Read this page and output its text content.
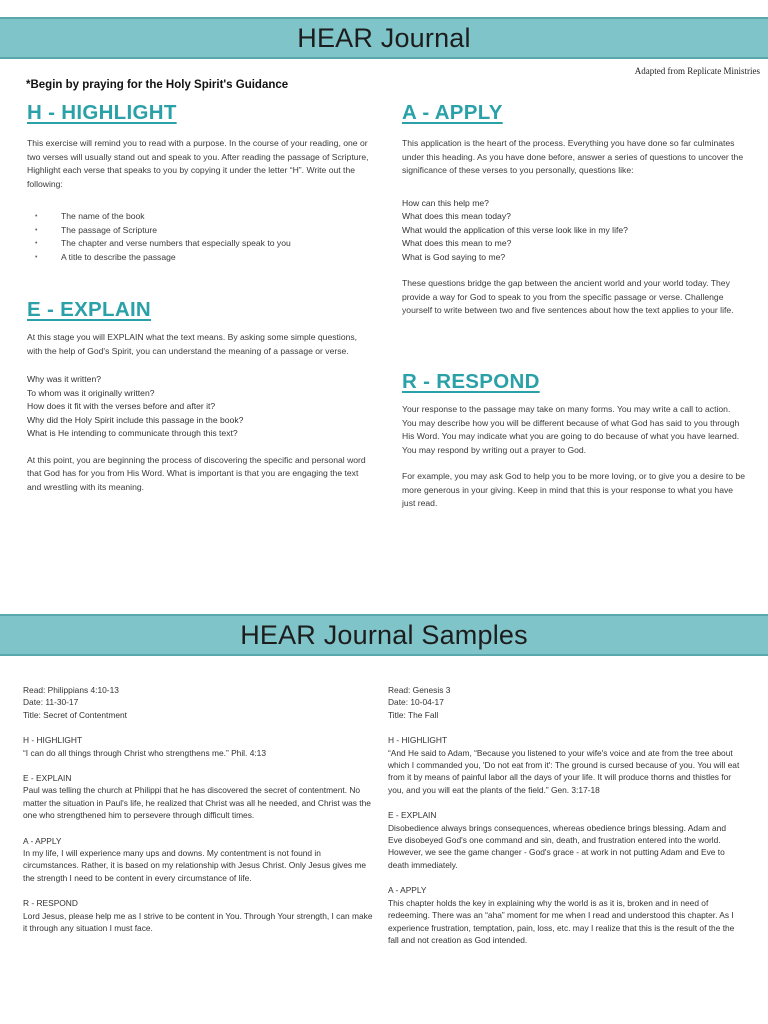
HEAR Journal
Adapted from Replicate Ministries
*Begin by praying for the Holy Spirit's Guidance
H - HIGHLIGHT

This exercise will remind you to read with a purpose. In the course of your reading, one or two verses will usually stand out and speak to you. After reading the passage of Scripture, Highlight each verse that speaks to you by copying it under the letter “H”. Write out the following:

• The name of the book
• The passage of Scripture
• The chapter and verse numbers that especially speak to you
• A title to describe the passage
E - EXPLAIN

At this stage you will EXPLAIN what the text means. By asking some simple questions, with the help of God's Spirit, you can understand the meaning of a passage or verse.

Why was it written?
To whom was it originally written?
How does it fit with the verses before and after it?
Why did the Holy Spirit include this passage in the book?
What is He intending to communicate through this text?

At this point, you are beginning the process of discovering the specific and personal word that God has for you from His Word. What is important is that you are engaging the text and wrestling with its meaning.

A - APPLY

This application is the heart of the process. Everything you have done so far culminates under this heading. As you have done before, answer a series of questions to uncover the significance of these verses to you personally, questions like:

How can this help me?
What does this mean today?
What would the application of this verse look like in my life?
What does this mean to me?
What is God saying to me?

These questions bridge the gap between the ancient world and your world today. They provide a way for God to speak to you from the specific passage or verse. Challenge yourself to write between two and five sentences about how the text applies to your life.

R - RESPOND

Your response to the passage may take on many forms. You may write a call to action. You may describe how you will be different because of what God has said to you through His Word. You may indicate what you are going to do because of what you have learned. You may respond by writing out a prayer to God.

For example, you may ask God to help you to be more loving, or to give you a desire to be more generous in your giving. Keep in mind that this is your response to what you have just read.

HEAR Journal Samples
Read: Philippians 4:10-13
Date: 11-30-17
Title: Secret of Contentment

H - HIGHLIGHT

“I can do all things through Christ who strengthens me.” Phil. 4:13

E - EXPLAIN

Paul was telling the church at Philippi that he has discovered the secret of contentment. No matter the situation in Paul's life, he realized that Christ was all he needed, and Christ was the one who strengthened him to persevere through difficult times.

A - APPLY

In my life, I will experience many ups and downs. My contentment is not found in circumstances. Rather, it is based on my relationship with Jesus Christ. Only Jesus gives me the strength I need to be content in every circumstance of life.

R - RESPOND

Lord Jesus, please help me as I strive to be content in You. Through Your strength, I can make it through any situation I must face.

Read: Genesis 3
Date: 10-04-17
Title: The Fall

H - HIGHLIGHT

“And He said to Adam, “Because you listened to your wife's voice and ate from the tree about which I commanded you, 'Do not eat from it': The ground is cursed because of you. You will eat from it by means of painful labor all the days of your life. It will produce thorns and thistles for you, and you will eat the plants of the field.” Gen. 3:17-18

E - EXPLAIN

Disobedience always brings consequences, whereas obedience brings blessing. Adam and Eve disobeyed God's one command and sin, death, and frustration entered into the world. However, we see the game changer - God's grace - at work in not putting Adam and Eve to death immediately.

A - APPLY

This chapter holds the key in explaining why the world is as it is, broken and in need of redeeming. There was an “aha” moment for me when I read and understood this chapter. As I experience frustration, temptation, pain, loss, etc. may I realize that this is the result of the the fall and not creation as God intended.
